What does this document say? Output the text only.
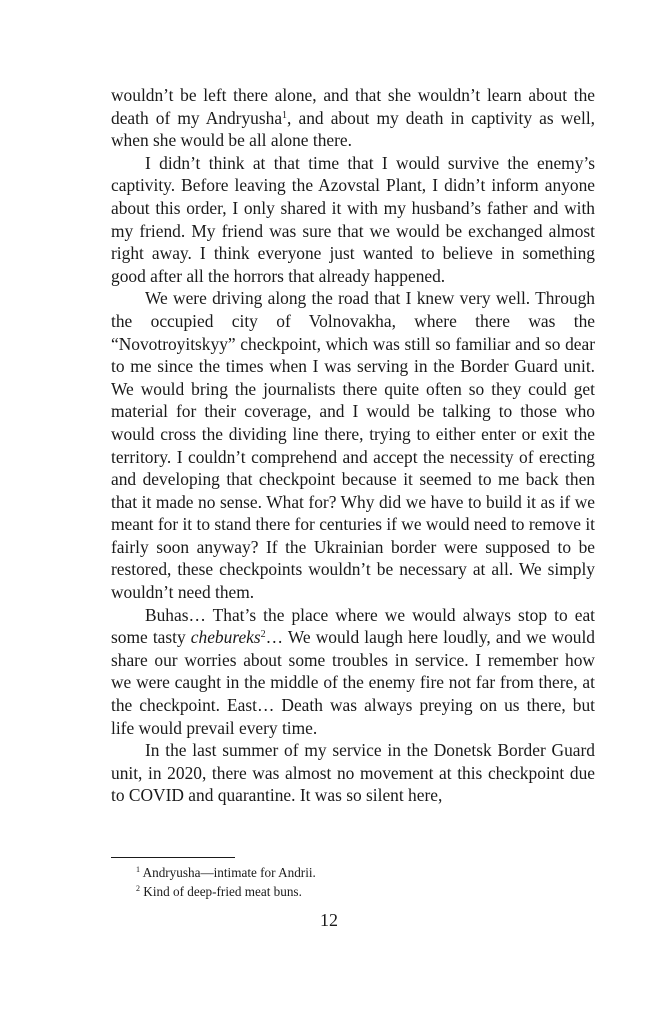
wouldn’t be left there alone, and that she wouldn’t learn about the death of my Andryusha$^1$, and about my death in captivity as well, when she would be all alone there.

I didn’t think at that time that I would survive the enemy’s captivity. Before leaving the Azovstal Plant, I didn’t inform anyone about this order, I only shared it with my husband’s father and with my friend. My friend was sure that we would be exchanged almost right away. I think everyone just wanted to believe in something good after all the horrors that already happened.

We were driving along the road that I knew very well. Through the occupied city of Volnovakha, where there was the “Novotroyitskyy” checkpoint, which was still so familiar and so dear to me since the times when I was serving in the Border Guard unit. We would bring the journalists there quite often so they could get material for their coverage, and I would be talking to those who would cross the dividing line there, trying to either enter or exit the territory. I couldn’t comprehend and accept the necessity of erecting and developing that checkpoint because it seemed to me back then that it made no sense. What for? Why did we have to build it as if we meant for it to stand there for centuries if we would need to remove it fairly soon anyway? If the Ukrainian border were supposed to be restored, these checkpoints wouldn’t be necessary at all. We simply wouldn’t need them.

Buhas… That’s the place where we would always stop to eat some tasty chebureks$^2$… We would laugh here loudly, and we would share our worries about some troubles in service. I remember how we were caught in the middle of the enemy fire not far from there, at the checkpoint. East… Death was always preying on us there, but life would prevail every time.

In the last summer of my service in the Donetsk Border Guard unit, in 2020, there was almost no movement at this checkpoint due to COVID and quarantine. It was so silent here,

$^1$ Andryusha—intimate for Andrii.
$^2$ Kind of deep-fried meat buns.
12
